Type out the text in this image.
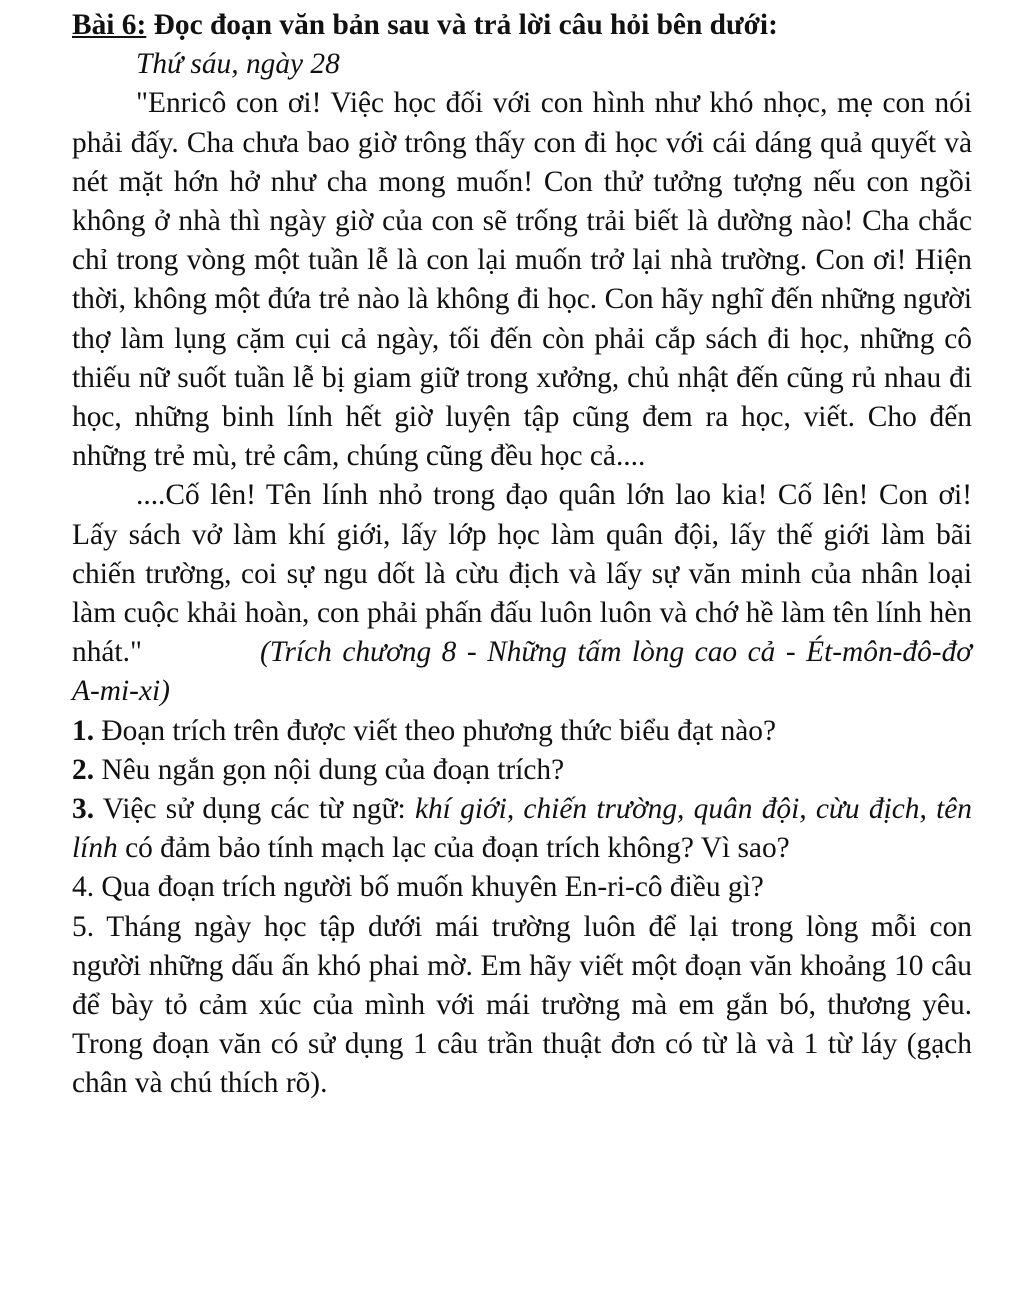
Bài 6: Đọc đoạn văn bản sau và trả lời câu hỏi bên dưới:
Thứ sáu, ngày 28

"Enricô con ơi! Việc học đối với con hình như khó nhọc, mẹ con nói phải đấy. Cha chưa bao giờ trông thấy con đi học với cái dáng quả quyết và nét mặt hớn hở như cha mong muốn! Con thử tưởng tượng nếu con ngồi không ở nhà thì ngày giờ của con sẽ trống trải biết là dường nào! Cha chắc chỉ trong vòng một tuần lễ là con lại muốn trở lại nhà trường. Con ơi! Hiện thời, không một đứa trẻ nào là không đi học. Con hãy nghĩ đến những người thợ làm lụng cặm cụi cả ngày, tối đến còn phải cắp sách đi học, những cô thiếu nữ suốt tuần lễ bị giam giữ trong xưởng, chủ nhật đến cũng rủ nhau đi học, những binh lính hết giờ luyện tập cũng đem ra học, viết. Cho đến những trẻ mù, trẻ câm, chúng cũng đều học cả....

....Cố lên! Tên lính nhỏ trong đạo quân lớn lao kia! Cố lên! Con ơi! Lấy sách vở làm khí giới, lấy lớp học làm quân đội, lấy thế giới làm bãi chiến trường, coi sự ngu dốt là cừu địch và lấy sự văn minh của nhân loại làm cuộc khải hoàn, con phải phấn đấu luôn luôn và chớ hề làm tên lính hèn nhát."	(Trích chương 8 - Những tấm lòng cao cả - Ét-môn-đô-đơ A-mi-xi)

1. Đoạn trích trên được viết theo phương thức biểu đạt nào?

2. Nêu ngắn gọn nội dung của đoạn trích?

3. Việc sử dụng các từ ngữ: khí giới, chiến trường, quân đội, cừu địch, tên lính có đảm bảo tính mạch lạc của đoạn trích không? Vì sao?

4. Qua đoạn trích người bố muốn khuyên En-ri-cô điều gì?

5. Tháng ngày học tập dưới mái trường luôn để lại trong lòng mỗi con người những dấu ấn khó phai mờ. Em hãy viết một đoạn văn khoảng 10 câu để bày tỏ cảm xúc của mình với mái trường mà em gắn bó, thương yêu. Trong đoạn văn có sử dụng 1 câu trần thuật đơn có từ là và 1 từ láy (gạch chân và chú thích rõ).
